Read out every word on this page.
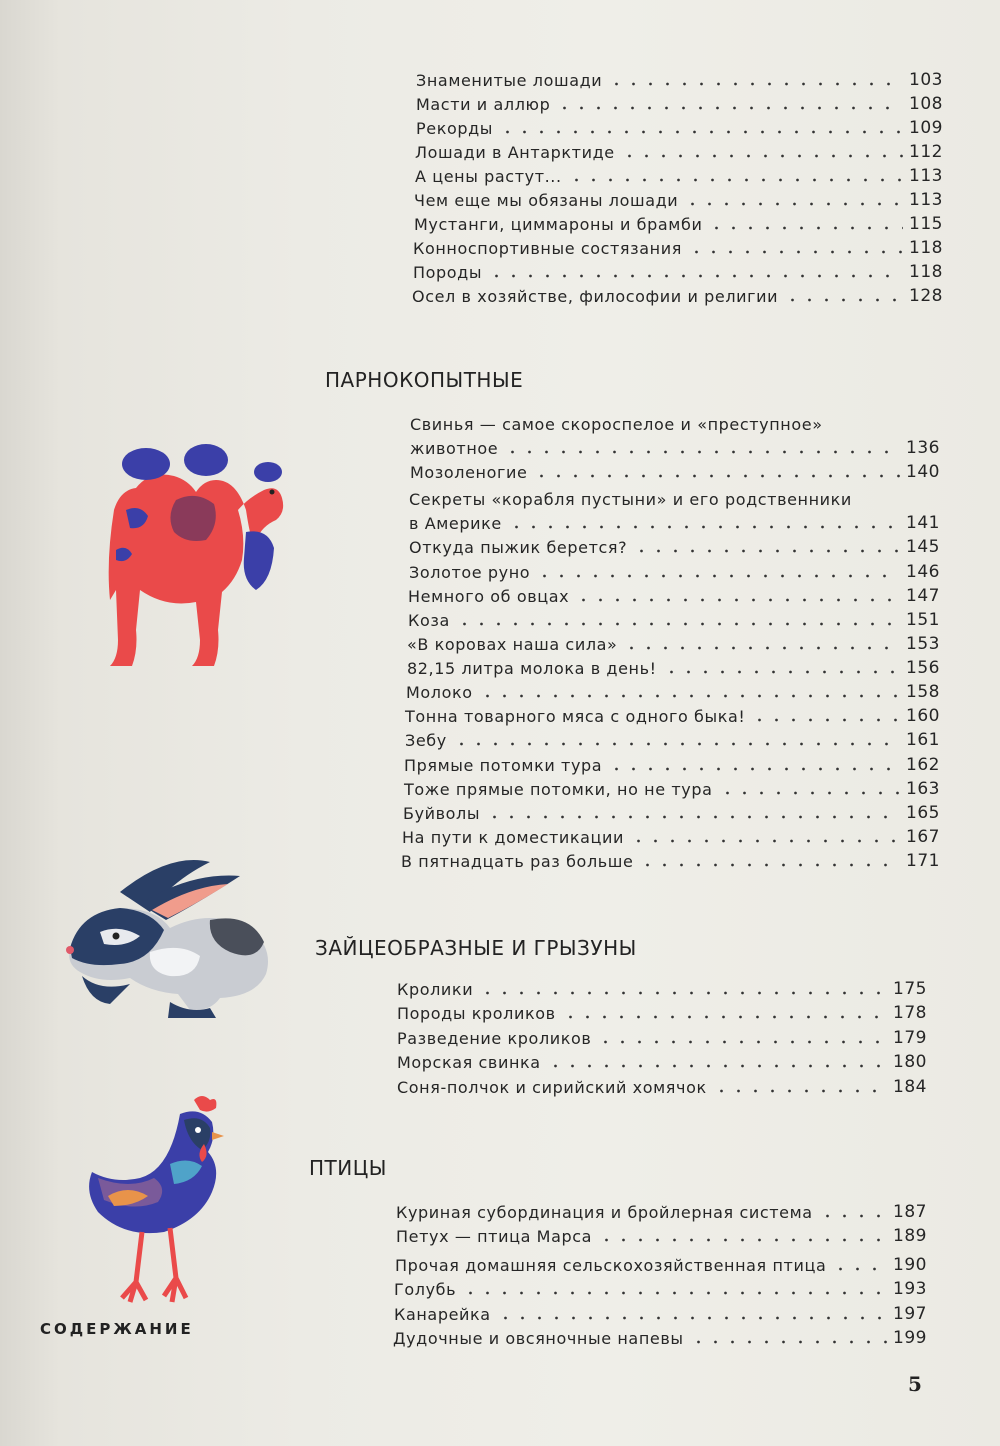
Знаменитые лошади	103
Масти и аллюр	108
Рекорды	109
Лошади в Антарктиде	112
А цены растут...	113
Чем еще мы обязаны лошади	113
Мустанги, циммароны и брамби	115
Конноспортивные состязания	118
Породы	118
Осел в хозяйстве, философии и религии	128
ПАРНОКОПЫТНЫЕ
Свинья — самое скороспелое и «преступное»
животное	136
Мозоленогие	140
Секреты «корабля пустыни» и его родственники
в Америке	141
Откуда пыжик берется?	145
Золотое руно	146
Немного об овцах	147
Коза	151
«В коровах наша сила»	153
82,15 литра молока в день!	156
Молоко	158
Тонна товарного мяса с одного быка!	160
Зебу	161
Прямые потомки тура	162
Тоже прямые потомки, но не тура	163
Буйволы	165
На пути к доместикации	167
В пятнадцать раз больше	171
ЗАЙЦЕОБРАЗНЫЕ И ГРЫЗУНЫ
Кролики	175
Породы кроликов	178
Разведение кроликов	179
Морская свинка	180
Соня-полчок и сирийский хомячок	184
ПТИЦЫ
Куриная субординация и бройлерная система	187
Петух — птица Марса	189
Прочая домашняя сельскохозяйственная птица	190
Голубь	193
Канарейка	197
Дудочные и овсяночные напевы	199
СОДЕРЖАНИЕ
5
